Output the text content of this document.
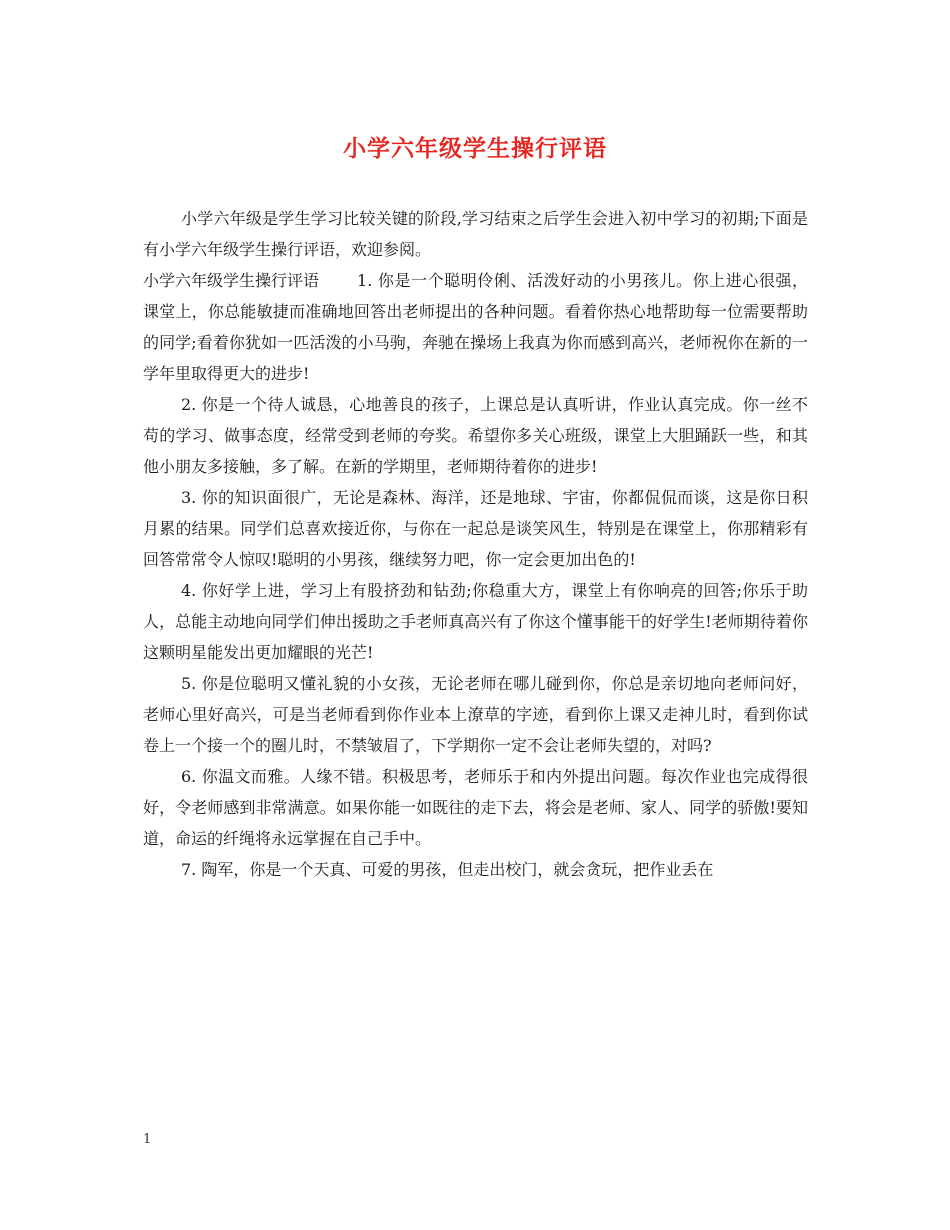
小学六年级学生操行评语

小学六年级是学生学习比较关键的阶段,学习结束之后学生会进入初中学习的初期;下面是有小学六年级学生操行评语，欢迎参阅。

小学六年级学生操行评语 1. 你是一个聪明伶俐、活泼好动的小男孩儿。你上进心很强，课堂上，你总能敏捷而准确地回答出老师提出的各种问题。看着你热心地帮助每一位需要帮助的同学;看着你犹如一匹活泼的小马驹，奔驰在操场上我真为你而感到高兴，老师祝你在新的一学年里取得更大的进步!

2. 你是一个待人诚恳，心地善良的孩子，上课总是认真听讲，作业认真完成。你一丝不苟的学习、做事态度，经常受到老师的夸奖。希望你多关心班级，课堂上大胆踊跃一些，和其他小朋友多接触，多了解。在新的学期里，老师期待着你的进步!

3. 你的知识面很广，无论是森林、海洋，还是地球、宇宙，你都侃侃而谈，这是你日积月累的结果。同学们总喜欢接近你，与你在一起总是谈笑风生，特别是在课堂上，你那精彩有回答常常令人惊叹!聪明的小男孩，继续努力吧，你一定会更加出色的!

4. 你好学上进，学习上有股挤劲和钻劲;你稳重大方，课堂上有你响亮的回答;你乐于助人，总能主动地向同学们伸出援助之手老师真高兴有了你这个懂事能干的好学生!老师期待着你这颗明星能发出更加耀眼的光芒!

5. 你是位聪明又懂礼貌的小女孩，无论老师在哪儿碰到你，你总是亲切地向老师问好，老师心里好高兴，可是当老师看到你作业本上潦草的字迹，看到你上课又走神儿时，看到你试卷上一个接一个的圈儿时，不禁皱眉了，下学期你一定不会让老师失望的，对吗?

6. 你温文而雅。人缘不错。积极思考，老师乐于和内外提出问题。每次作业也完成得很好，令老师感到非常满意。如果你能一如既往的走下去，将会是老师、家人、同学的骄傲!要知道，命运的纤绳将永远掌握在自己手中。

7. 陶军，你是一个天真、可爱的男孩，但走出校门，就会贪玩，把作业丢在

1
